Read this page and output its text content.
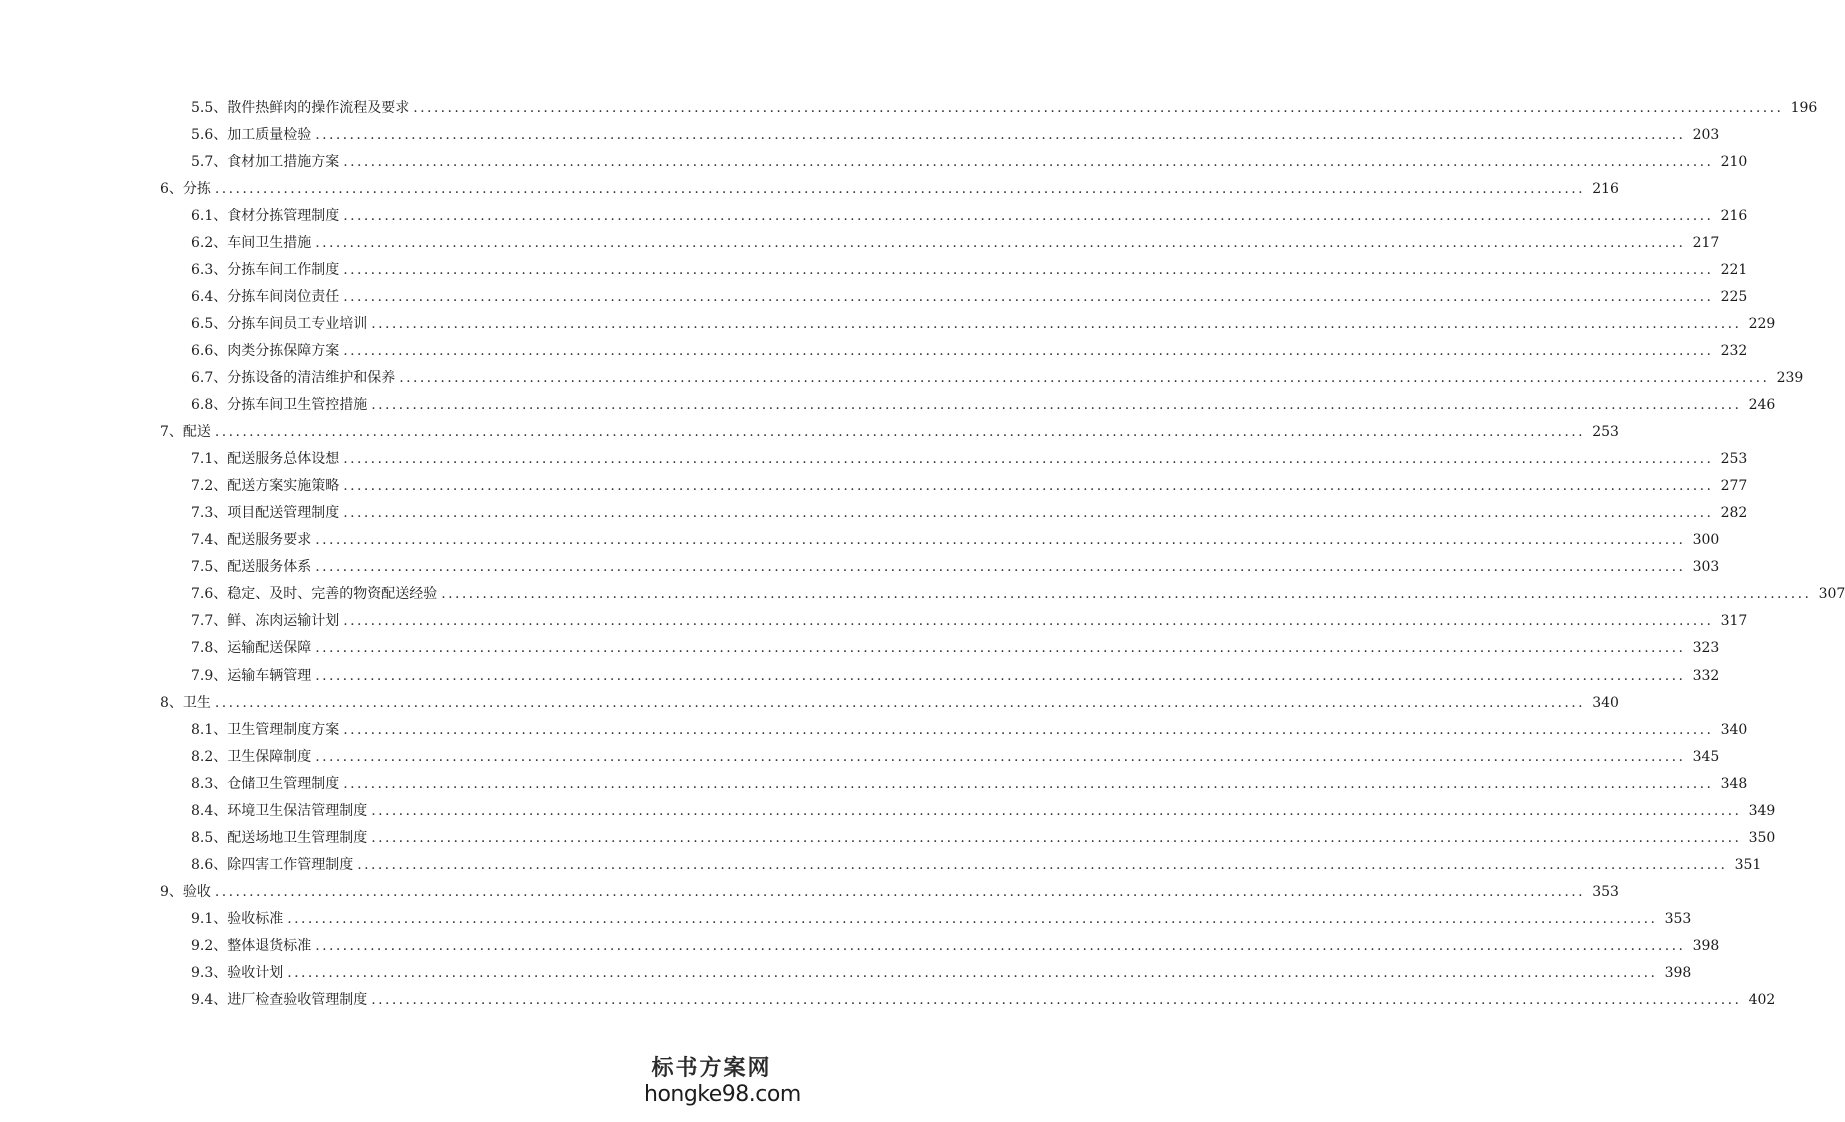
5.5、 散件热鲜肉的操作流程及要求 ........................................................................................................................................................................................................ 196
5.6、 加工质量检验 ........................................................................................................................................................................................................ 203
5.7、 食材加工措施方案 ........................................................................................................................................................................................................ 210
6、 分拣 ........................................................................................................................................................................................................ 216
6.1、 食材分拣管理制度 ........................................................................................................................................................................................................ 216
6.2、 车间卫生措施 ........................................................................................................................................................................................................ 217
6.3、 分拣车间工作制度 ........................................................................................................................................................................................................ 221
6.4、 分拣车间岗位责任 ........................................................................................................................................................................................................ 225
6.5、 分拣车间员工专业培训 ........................................................................................................................................................................................................ 229
6.6、 肉类分拣保障方案 ........................................................................................................................................................................................................ 232
6.7、 分拣设备的清洁维护和保养 ........................................................................................................................................................................................................ 239
6.8、 分拣车间卫生管控措施 ........................................................................................................................................................................................................ 246
7、 配送 ........................................................................................................................................................................................................ 253
7.1、 配送服务总体设想 ........................................................................................................................................................................................................ 253
7.2、 配送方案实施策略 ........................................................................................................................................................................................................ 277
7.3、 项目配送管理制度 ........................................................................................................................................................................................................ 282
7.4、 配送服务要求 ........................................................................................................................................................................................................ 300
7.5、 配送服务体系 ........................................................................................................................................................................................................ 303
7.6、 稳定、及时、完善的物资配送经验 ........................................................................................................................................................................................................ 307
7.7、 鲜、冻肉运输计划 ........................................................................................................................................................................................................ 317
7.8、 运输配送保障 ........................................................................................................................................................................................................ 323
7.9、 运输车辆管理 ........................................................................................................................................................................................................ 332
8、 卫生 ........................................................................................................................................................................................................ 340
8.1、 卫生管理制度方案 ........................................................................................................................................................................................................ 340
8.2、 卫生保障制度 ........................................................................................................................................................................................................ 345
8.3、 仓储卫生管理制度 ........................................................................................................................................................................................................ 348
8.4、 环境卫生保洁管理制度 ........................................................................................................................................................................................................ 349
8.5、 配送场地卫生管理制度 ........................................................................................................................................................................................................ 350
8.6、 除四害工作管理制度 ........................................................................................................................................................................................................ 351
9、 验收 ........................................................................................................................................................................................................ 353
9.1、 验收标准 ........................................................................................................................................................................................................ 353
9.2、 整体退货标准 ........................................................................................................................................................................................................ 398
9.3、 验收计划 ........................................................................................................................................................................................................ 398
9.4、 进厂检查验收管理制度 ........................................................................................................................................................................................................ 402
标书方案网
hongke98.com
